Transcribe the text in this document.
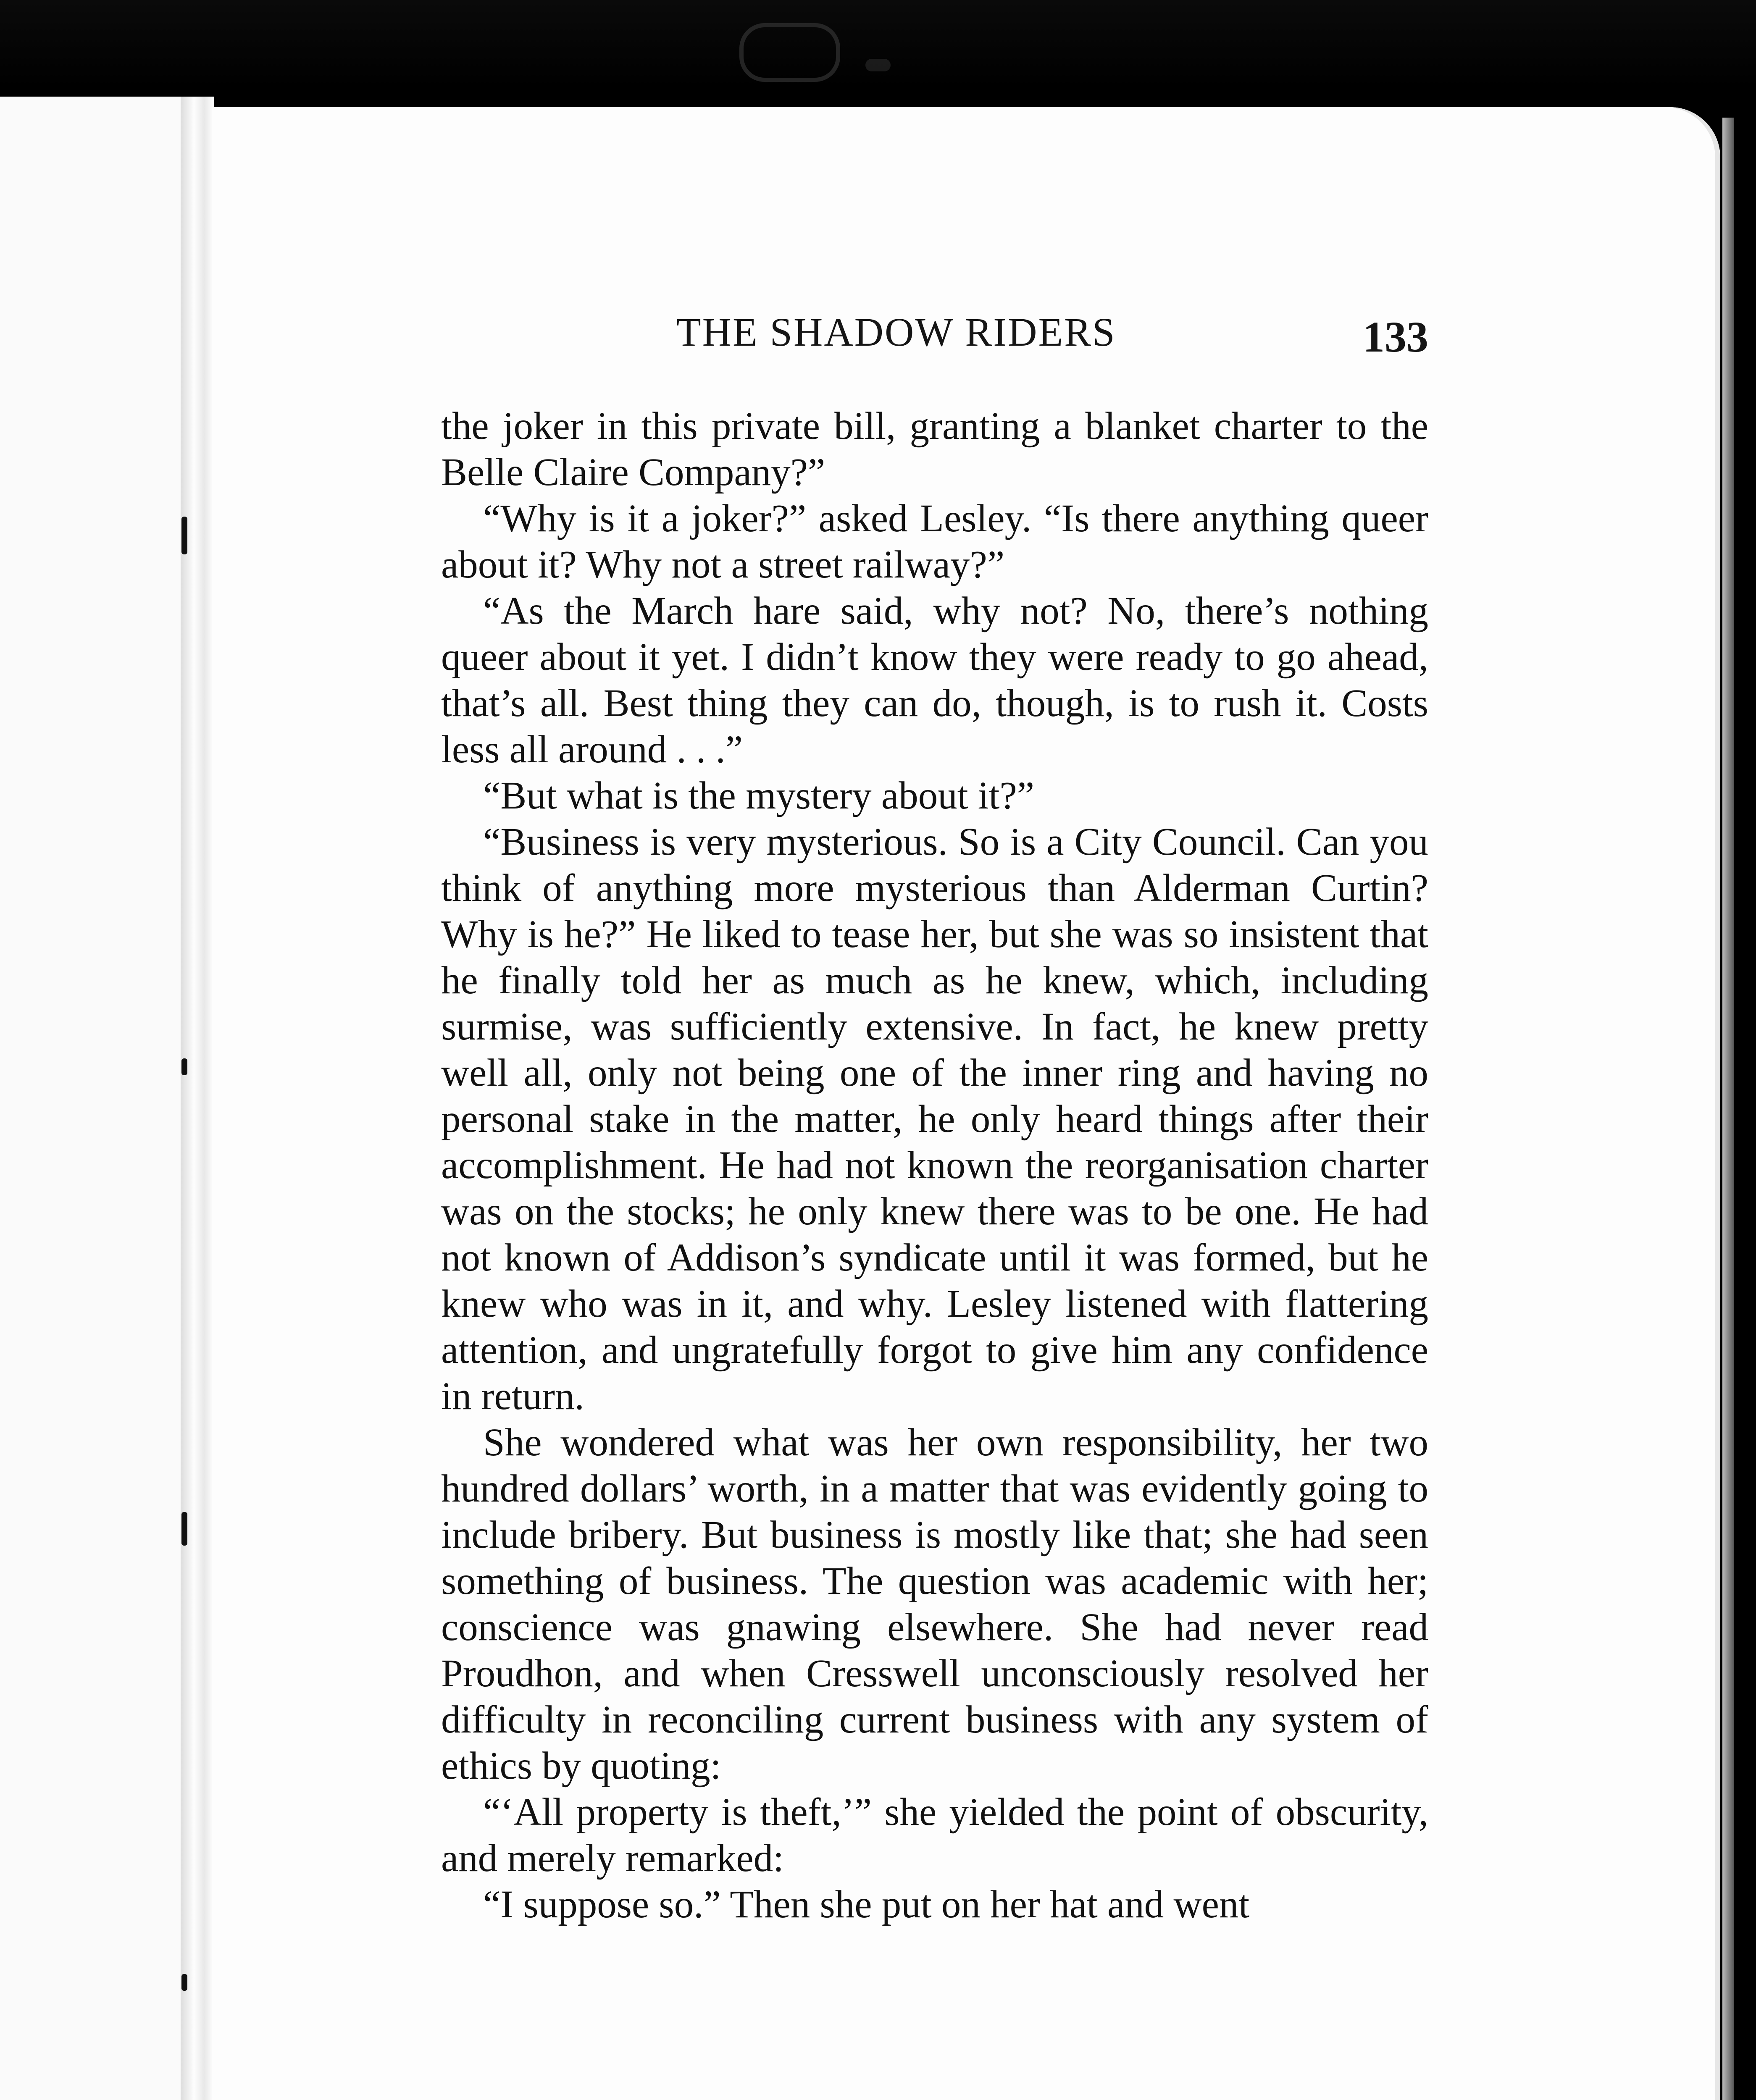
THE SHADOW RIDERS	133

the joker in this private bill, granting a blanket charter to the Belle Claire Company?”

“Why is it a joker?” asked Lesley. “Is there anything queer about it? Why not a street railway?”

“As the March hare said, why not? No, there’s nothing queer about it yet. I didn’t know they were ready to go ahead, that’s all. Best thing they can do, though, is to rush it. Costs less all around . . .”

“But what is the mystery about it?”

“Business is very mysterious. So is a City Council. Can you think of anything more mysterious than Alderman Curtin? Why is he?” He liked to tease her, but she was so insistent that he finally told her as much as he knew, which, including surmise, was sufficiently extensive. In fact, he knew pretty well all, only not being one of the inner ring and having no personal stake in the matter, he only heard things after their accomplishment. He had not known the reorganisation charter was on the stocks; he only knew there was to be one. He had not known of Addison’s syndicate until it was formed, but he knew who was in it, and why. Lesley listened with flattering attention, and ungratefully forgot to give him any confidence in return.

She wondered what was her own responsibility, her two hundred dollars’ worth, in a matter that was evidently going to include bribery. But business is mostly like that; she had seen something of business. The question was academic with her; conscience was gnawing elsewhere. She had never read Proudhon, and when Cresswell unconsciously resolved her difficulty in reconciling current business with any system of ethics by quoting:

“‘All property is theft,’” she yielded the point of obscurity, and merely remarked:

“I suppose so.” Then she put on her hat and went
